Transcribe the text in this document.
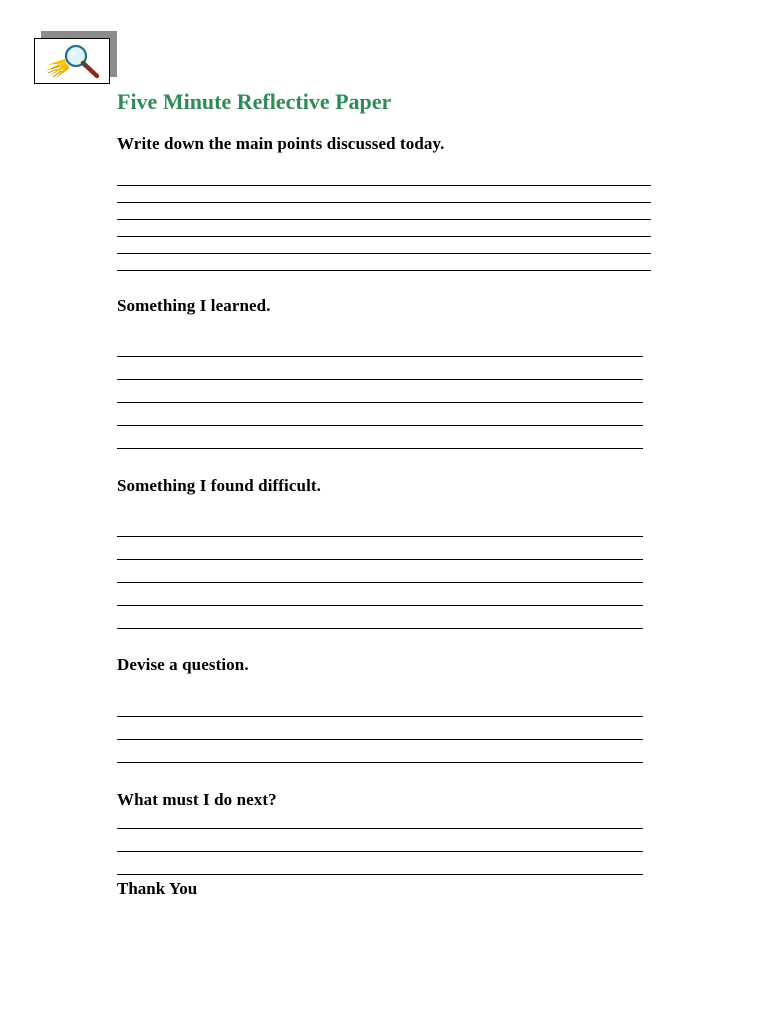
Five Minute Reflective Paper

Write down the main points discussed today.

Something I learned.

Something I found difficult.

Devise a question.

What must I do next?

Thank You
